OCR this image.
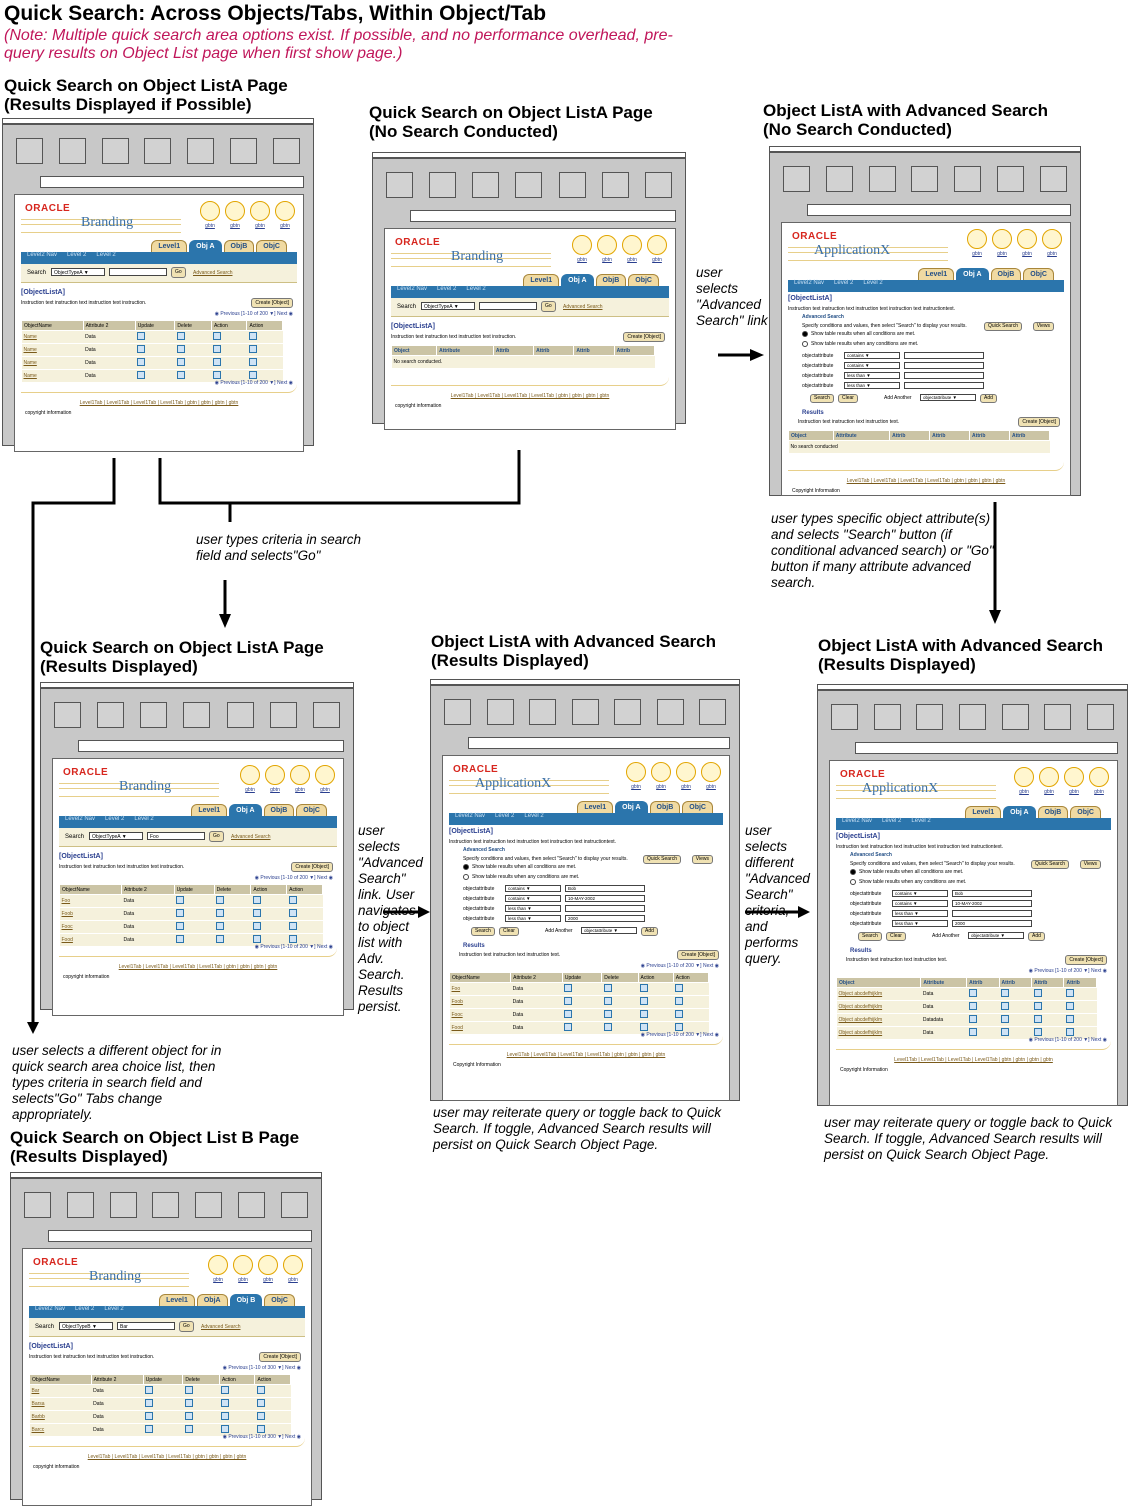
Quick Search: Across Objects/Tabs, Within Object/Tab
(Note: Multiple quick search area options exist. If possible, and no performance overhead, pre-query results on Object List page when first show page.)
Quick Search on Object ListA Page
(Results Displayed if Possible)	Quick Search on Object ListA Page
(No Search Conducted)
Object ListA with Advanced Search
(No Search Conducted)
Quick Search on Object ListA Page
(Results Displayed)
Object ListA with Advanced Search
(Results Displayed)
Object ListA with Advanced Search
(Results Displayed)
Quick Search on Object List B Page
(Results Displayed)
user selects "Advanced Search" link
user types criteria in search field and selects"Go"
user types specific object attribute(s) and selects "Search" button (if conditional advanced search) or "Go" button if many attribute advanced search.
user selects "Advanced Search" link. User navigates to object list with Adv. Search. Results persist.
user selects different "Advanced Search" criteria, and performs query.
user selects a different object for in quick search area choice list, then types criteria in search field and selects"Go" Tabs change appropriately.	user may reiterate query or toggle back to Quick Search. If toggle, Advanced Search results will persist on Quick Search Object Page.
user may reiterate query or toggle back to Quick Search. If toggle, Advanced Search results will persist on Quick Search Object Page.
ORACLE
Branding	gbtn	gbtn	gbtn	gbtn
Level1	Obj A	ObjB	ObjC
Level2 Nav Level 2 Level 2
Search	ObjectTypeA ▼	Go	Advanced Search
[ObjectListA]
Instruction text instruction text instruction text instruction.	Create [Object]
◉ Previous [1-10 of 200 ▼] Next ◉
ObjectName	Attribute 2	Update	Delete	Action	Action
Name	Data				
Name	Data				
Name	Data				
Name	Data				
◉ Previous [1-10 of 200 ▼] Next ◉
Level1Tab | Level1Tab | Level1Tab | Level1Tab | gbtn | gbtn | gbtn | gbtn
copyright information
ORACLE
Branding	gbtn	gbtn	gbtn	gbtn
Level1	Obj A	ObjB	ObjC
Level2 Nav Level 2 Level 2
Search	ObjectTypeA ▼	Go	Advanced Search
[ObjectListA]
Instruction text instruction text instruction text instruction.	Create [Object]
Object	Attribute	Attrib	Attrib	Attrib	Attrib
No search conducted.
Level1Tab | Level1Tab | Level1Tab | Level1Tab | gbtn | gbtn | gbtn | gbtn
copyright information
ORACLE
ApplicationX	gbtn	gbtn	gbtn	gbtn
Level1	Obj A	ObjB	ObjC
Level2 Nav Level 2 Level 2
[ObjectListA]
Instruction text instruction text instruction text instruction text instructiontext.
Advanced Search
Specify conditions and values, then select "Search" to display your results.	Quick Search	Views
Show table results when all conditions are met.
Show table results when any conditions are met.
objectattribute	contains ▼
objectattribute	contains ▼
objectattribute	less than ▼
objectattribute	less than ▼
Search	Clear	Add Another	objectattribute ▼	Add
Results
Instruction text instruction text instruction text.	Create [Object]
Object	Attribute	Attrib	Attrib	Attrib	Attrib
No search conducted
Level1Tab | Level1Tab | Level1Tab | Level1Tab | gbtn | gbtn | gbtn | gbtn
Copyright Information
ORACLE
Branding	gbtn	gbtn	gbtn	gbtn
Level1	Obj A	ObjB	ObjC
Level2 Nav Level 2 Level 2
Search	ObjectTypeA ▼	Foo	Go	Advanced Search
[ObjectListA]
Instruction text instruction text instruction text instruction.	Create [Object]
◉ Previous [1-10 of 200 ▼] Next ◉
ObjectName	Attribute 2	Update	Delete	Action	Action
Foo	Data				
Foob	Data				
Fooc	Data				
Food	Data				
◉ Previous [1-10 of 200 ▼] Next ◉
Level1Tab | Level1Tab | Level1Tab | Level1Tab | gbtn | gbtn | gbtn | gbtn
copyright information
ORACLE
ApplicationX	gbtn	gbtn	gbtn	gbtn
Level1	Obj A	ObjB	ObjC
Level2 Nav Level 2 Level 2
[ObjectListA]
Instruction text instruction text instruction text instruction text instructiontext.
Advanced Search
Specify conditions and values, then select "Search" to display your results.	Quick Search	Views
Show table results when all conditions are met.
Show table results when any conditions are met.
objectattribute	contains ▼	Bob
objectattribute	contains ▼	10-MAY-2002
objectattribute	less than ▼
objectattribute	less than ▼	2000
Search	Clear	Add Another	objectattribute ▼	Add
Results
Instruction text instruction text instruction text.	Create [Object]
◉ Previous [1-10 of 200 ▼] Next ◉
ObjectName	Attribute 2	Update	Delete	Action	Action
Foo	Data				
Foob	Data				
Fooc	Data				
Food	Data				
◉ Previous [1-10 of 200 ▼] Next ◉
Level1Tab | Level1Tab | Level1Tab | Level1Tab | gbtn | gbtn | gbtn | gbtn
Copyright Information
ORACLE
ApplicationX	gbtn	gbtn	gbtn	gbtn
Level1	Obj A	ObjB	ObjC
Level2 Nav Level 2 Level 2
[ObjectListA]
Instruction text instruction text instruction text instruction text instructiontext.
Advanced Search
Specify conditions and values, then select "Search" to display your results.	Quick Search	Views
Show table results when all conditions are met.
Show table results when any conditions are met.
objectattribute	contains ▼	Bob
objectattribute	contains ▼	10-MAY-2002
objectattribute	less than ▼
objectattribute	less than ▼	2000
Search	Clear	Add Another	objectattribute ▼	Add
Results
Instruction text instruction text instruction text.	Create [Object]
◉ Previous [1-10 of 200 ▼] Next ◉
Object	Attribute	Attrib	Attrib	Attrib	Attrib
Object abcdefhijklm	Data				
Object abcdefhijklm	Data				
Object abcdefhijklm	Datadata				
Object abcdefhijklm	Data				
◉ Previous [1-10 of 200 ▼] Next ◉
Level1Tab | Level1Tab | Level1Tab | Level1Tab | gbtn | gbtn | gbtn | gbtn
Copyright Information
ORACLE
Branding	gbtn	gbtn	gbtn	gbtn
Level1	ObjA	Obj B	ObjC
Level2 Nav Level 2 Level 2
Search	ObjectTypeB ▼	Bar	Go	Advanced Search
[ObjectListA]
Instruction text instruction text instruction text instruction.	Create [Object]
◉ Previous [1-10 of 300 ▼] Next ◉
ObjectName	Attribute 2	Update	Delete	Action	Action
Bar	Data				
Barsa	Data				
Barbb	Data				
Barcc	Data				
◉ Previous [1-10 of 300 ▼] Next ◉
Level1Tab | Level1Tab | Level1Tab | Level1Tab | gbtn | gbtn | gbtn | gbtn
copyright information
